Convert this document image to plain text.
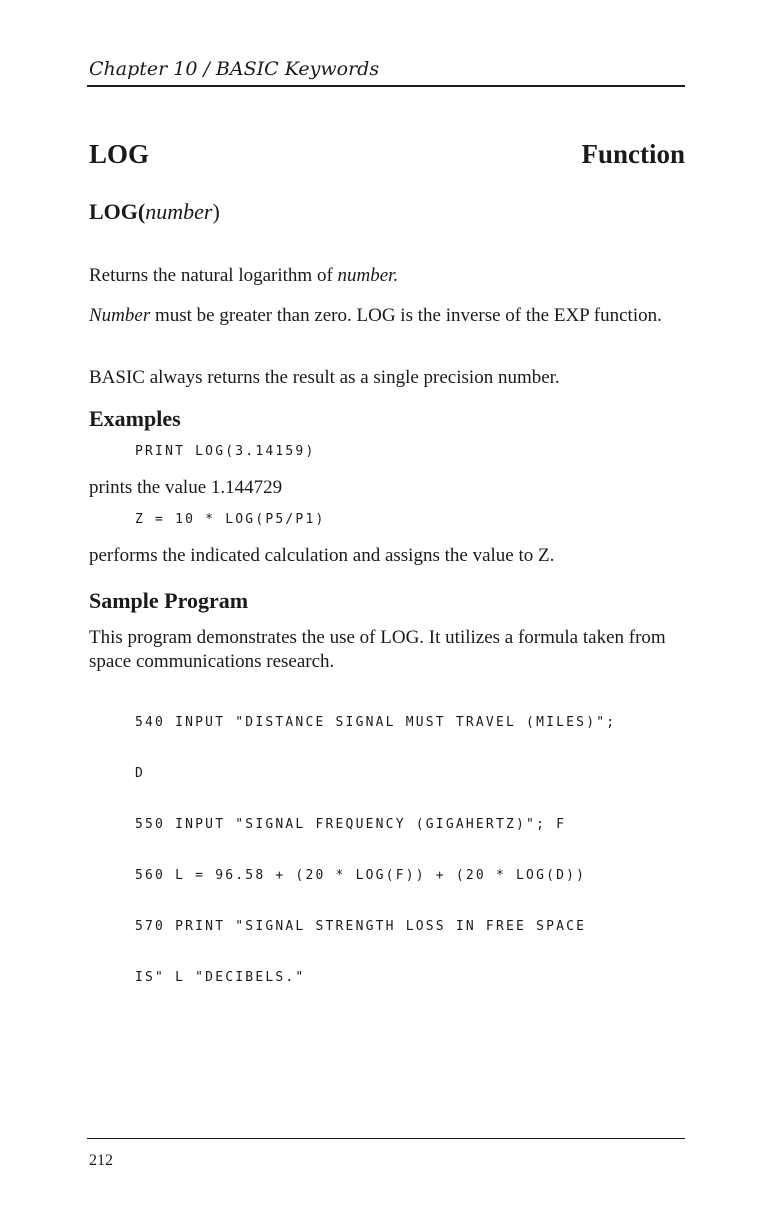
Chapter 10 / BASIC Keywords
LOG	Function
LOG(number)
Returns the natural logarithm of number.
Number must be greater than zero. LOG is the inverse of the EXP function.
BASIC always returns the result as a single precision number.
Examples
PRINT LOG(3.14159)
prints the value 1.144729
Z = 10 * LOG(P5/P1)
performs the indicated calculation and assigns the value to Z.
Sample Program
This program demonstrates the use of LOG. It utilizes a formula taken from space communications research.

540 INPUT "DISTANCE SIGNAL MUST TRAVEL (MILES)";

D

550 INPUT "SIGNAL FREQUENCY (GIGAHERTZ)"; F

560 L = 96.58 + (20 * LOG(F)) + (20 * LOG(D))

570 PRINT "SIGNAL STRENGTH LOSS IN FREE SPACE

IS" L "DECIBELS."

212
